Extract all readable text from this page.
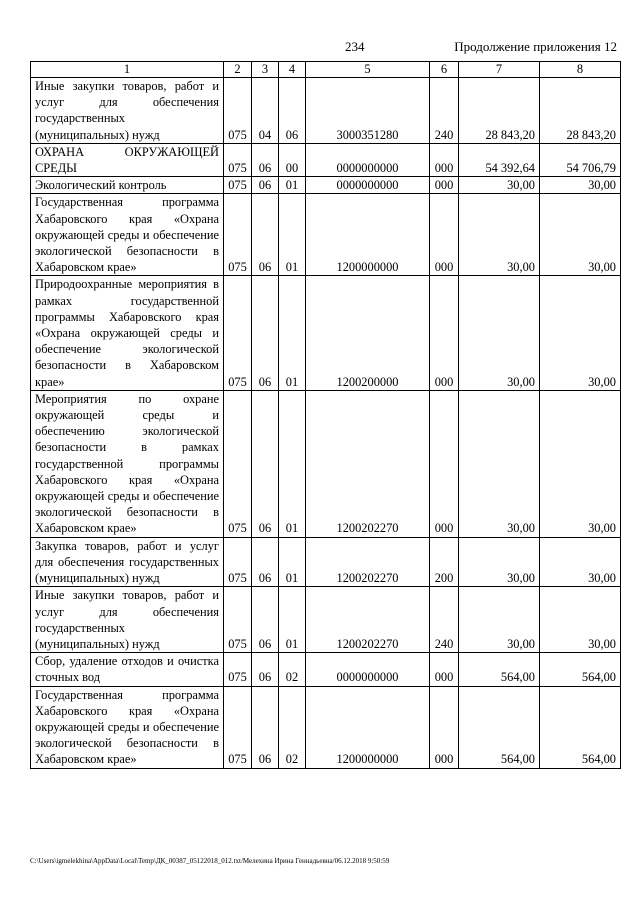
234	Продолжение приложения 12
1	2	3	4	5	6	7	8
Иные закупки товаров, работ и услуг для обеспечения государственных (муниципальных) нужд	075	04	06	3000351280	240	28 843,20	28 843,20
ОХРАНА ОКРУЖАЮЩЕЙ СРЕДЫ	075	06	00	0000000000	000	54 392,64	54 706,79
Экологический контроль	075	06	01	0000000000	000	30,00	30,00
Государственная программа Хабаровского края «Охрана окружающей среды и обеспечение экологической безопасности в Хабаровском крае»	075	06	01	1200000000	000	30,00	30,00
Природоохранные мероприятия в рамках государственной программы Хабаровского края «Охрана окружающей среды и обеспечение экологической безопасности в Хабаровском крае»	075	06	01	1200200000	000	30,00	30,00
Мероприятия по охране окружающей среды и обеспечению экологической безопасности в рамках государственной программы Хабаровского края «Охрана окружающей среды и обеспечение экологической безопасности в Хабаровском крае»	075	06	01	1200202270	000	30,00	30,00
Закупка товаров, работ и услуг для обеспечения государственных (муниципальных) нужд	075	06	01	1200202270	200	30,00	30,00
Иные закупки товаров, работ и услуг для обеспечения государственных (муниципальных) нужд	075	06	01	1200202270	240	30,00	30,00
Сбор, удаление отходов и очистка сточных вод	075	06	02	0000000000	000	564,00	564,00
Государственная программа Хабаровского края «Охрана окружающей среды и обеспечение экологической безопасности в Хабаровском крае»	075	06	02	1200000000	000	564,00	564,00
C:\Users\igmelekhina\AppData\Local\Temp\ДК_00387_05122018_012.txt/Мелехина Ирина Геннадьевна/06.12.2018 9:50:59
